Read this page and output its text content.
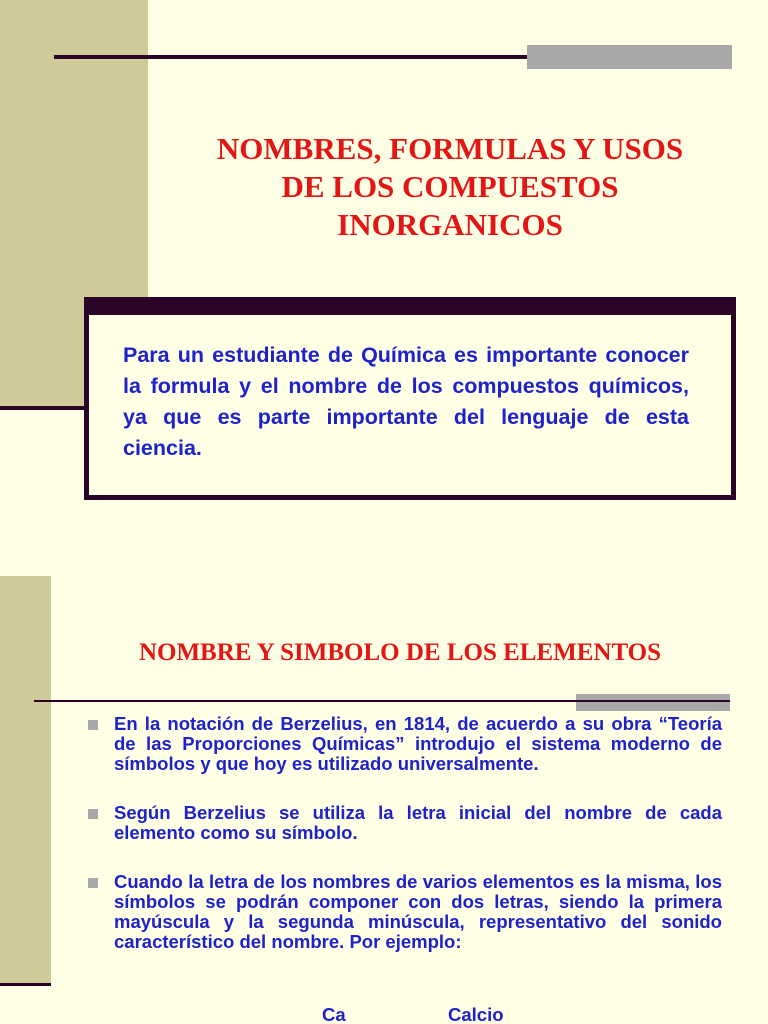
NOMBRES, FORMULAS Y USOS
DE LOS COMPUESTOS
INORGANICOS

Para un estudiante de Química es importante conocer la formula y el nombre de los compuestos químicos, ya que es parte importante del lenguaje de esta ciencia.

NOMBRE Y SIMBOLO DE LOS ELEMENTOS
En la notación de Berzelius, en 1814, de acuerdo a su obra “Teoría de las Proporciones Químicas” introdujo el sistema moderno de símbolos y que hoy es utilizado universalmente.
Según Berzelius se utiliza la letra inicial del nombre de cada elemento como su símbolo.
Cuando la letra de los nombres de varios elementos es la misma, los símbolos se podrán componer con dos letras, siendo la primera mayúscula y la segunda minúscula, representativo del sonido característico del nombre. Por ejemplo:
Ca	Calcio
